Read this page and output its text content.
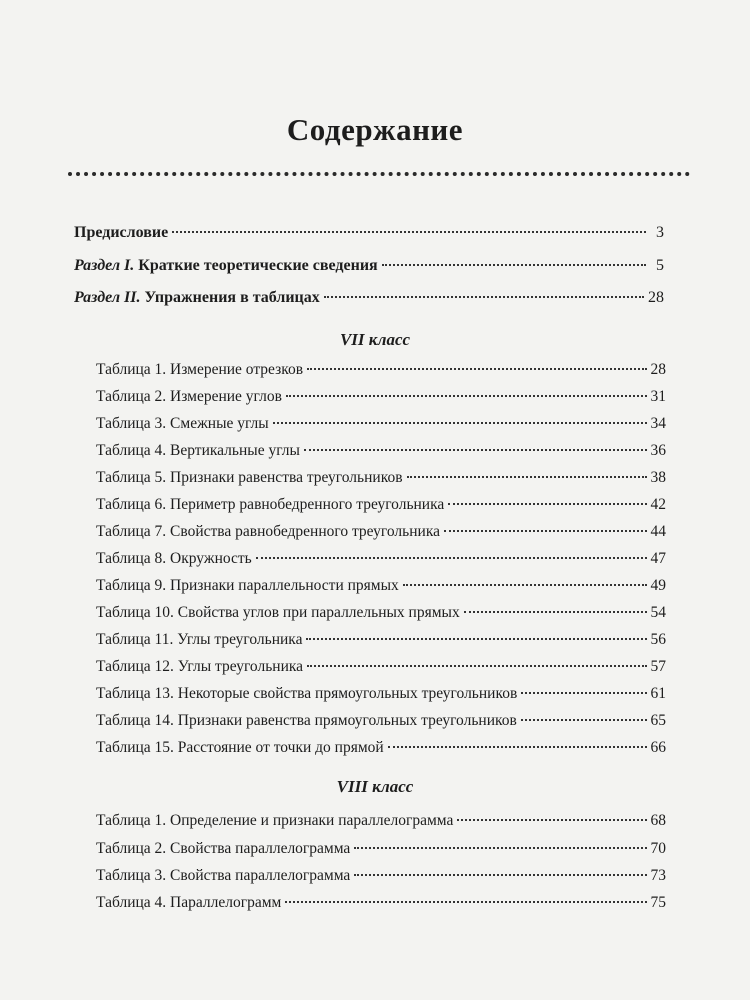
Содержание
Предисловие	3
Раздел I. Краткие теоретические сведения	5
Раздел II. Упражнения в таблицах	28
VII класс
Таблица 1. Измерение отрезков	28
Таблица 2. Измерение углов	31
Таблица 3. Смежные углы	34
Таблица 4. Вертикальные углы	36
Таблица 5. Признаки равенства треугольников	38
Таблица 6. Периметр равнобедренного треугольника	42
Таблица 7. Свойства равнобедренного треугольника	44
Таблица 8. Окружность	47
Таблица 9. Признаки параллельности прямых	49
Таблица 10. Свойства углов при параллельных прямых	54
Таблица 11. Углы треугольника	56
Таблица 12. Углы треугольника	57
Таблица 13. Некоторые свойства прямоугольных треугольников	61
Таблица 14. Признаки равенства прямоугольных треугольников	65
Таблица 15. Расстояние от точки до прямой	66
VIII класс
Таблица 1. Определение и признаки параллелограмма	68
Таблица 2. Свойства параллелограмма	70
Таблица 3. Свойства параллелограмма	73
Таблица 4. Параллелограмм	75
